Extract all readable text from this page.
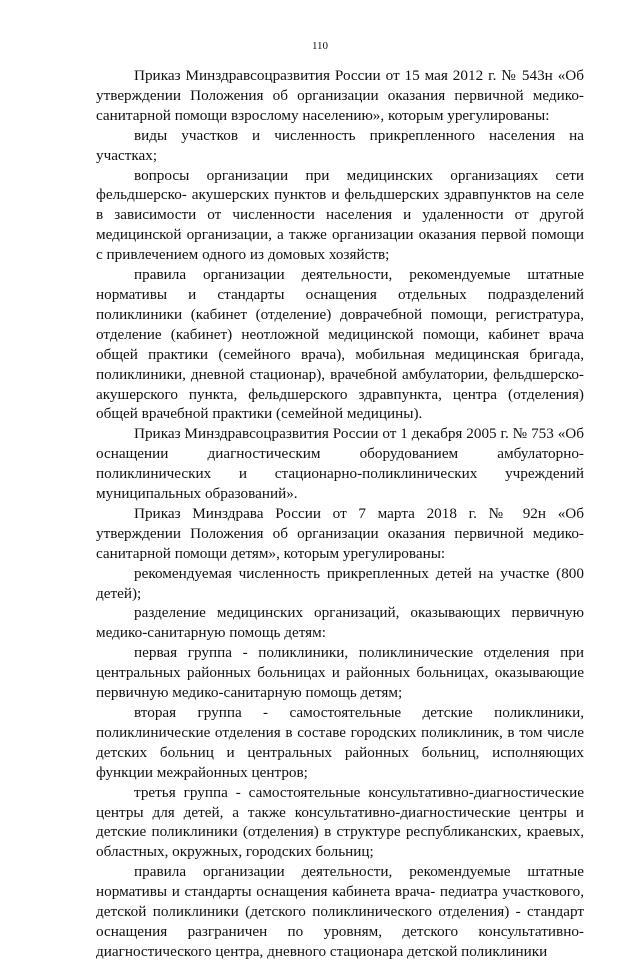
110

Приказ Минздравсоцразвития России от 15 мая 2012 г. № 543н «Об утверждении Положения об организации оказания первичной медико-санитарной помощи взрослому населению», которым урегулированы:

виды участков и численность прикрепленного населения на участках;

вопросы организации при медицинских организациях сети фельдшерско- акушерских пунктов и фельдшерских здравпунктов на селе в зависимости от численности населения и удаленности от другой медицинской организации, а также организации оказания первой помощи с привлечением одного из домовых хозяйств;

правила организации деятельности, рекомендуемые штатные нормативы и стандарты оснащения отдельных подразделений поликлиники (кабинет (отделение) доврачебной помощи, регистратура, отделение (кабинет) неотложной медицинской помощи, кабинет врача общей практики (семейного врача), мобильная медицинская бригада, поликлиники, дневной стационар), врачебной амбулатории, фельдшерско-акушерского пункта, фельдшерского здравпункта, центра (отделения) общей врачебной практики (семейной медицины).

Приказ Минздравсоцразвития России от 1 декабря 2005 г. № 753 «Об оснащении диагностическим оборудованием амбулаторно-поликлинических и стационарно-поликлинических учреждений муниципальных образований».

Приказ Минздрава России от 7 марта 2018 г. № 92н «Об утверждении Положения об организации оказания первичной медико-санитарной помощи детям», которым урегулированы:

рекомендуемая численность прикрепленных детей на участке (800 детей);

разделение медицинских организаций, оказывающих первичную медико-санитарную помощь детям:

первая группа - поликлиники, поликлинические отделения при центральных районных больницах и районных больницах, оказывающие первичную медико-санитарную помощь детям;

вторая группа - самостоятельные детские поликлиники, поликлинические отделения в составе городских поликлиник, в том числе детских больниц и центральных районных больниц, исполняющих функции межрайонных центров;

третья группа - самостоятельные консультативно-диагностические центры для детей, а также консультативно-диагностические центры и детские поликлиники (отделения) в структуре республиканских, краевых, областных, окружных, городских больниц;

правила организации деятельности, рекомендуемые штатные нормативы и стандарты оснащения кабинета врача- педиатра участкового, детской поликлиники (детского поликлинического отделения) - стандарт оснащения разграничен по уровням, детского консультативно-диагностического центра, дневного стационара детской поликлиники
